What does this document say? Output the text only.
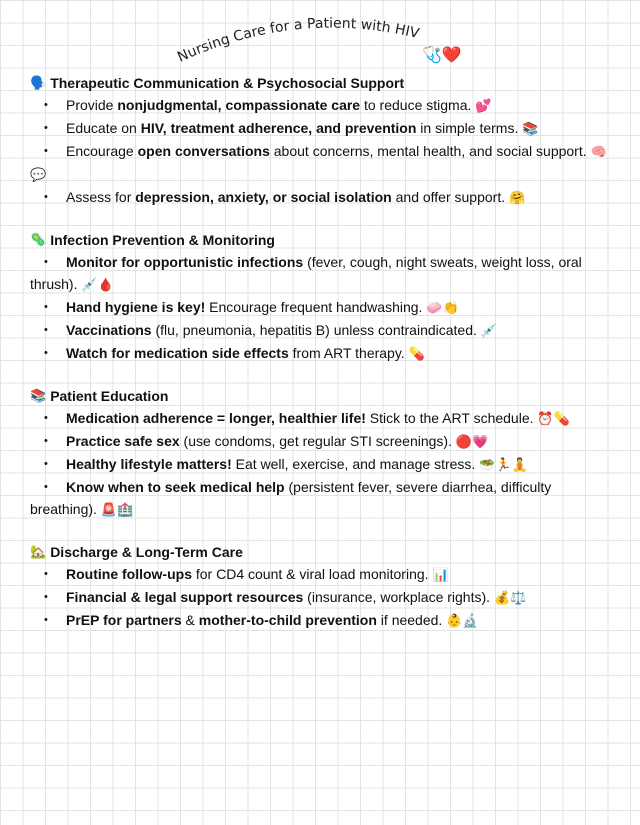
Nursing Care for a Patient with HIV
🩺❤️
🗣️ Therapeutic Communication & Psychosocial Support
• Provide nonjudgmental, compassionate care to reduce stigma. 💕
• Educate on HIV, treatment adherence, and prevention in simple terms. 📚
• Encourage open conversations about concerns, mental health, and social support. 🧠💬
• Assess for depression, anxiety, or social isolation and offer support. 🤗
🦠 Infection Prevention & Monitoring
• Monitor for opportunistic infections (fever, cough, night sweats, weight loss, oral thrush). 💉🩸
• Hand hygiene is key! Encourage frequent handwashing. 🧼👏
• Vaccinations (flu, pneumonia, hepatitis B) unless contraindicated. 💉
• Watch for medication side effects from ART therapy. 💊
📚 Patient Education
• Medication adherence = longer, healthier life! Stick to the ART schedule. ⏰💊
• Practice safe sex (use condoms, get regular STI screenings). 🔴💗
• Healthy lifestyle matters! Eat well, exercise, and manage stress. 🥗🏃🧘
• Know when to seek medical help (persistent fever, severe diarrhea, difficulty breathing). 🚨🏥
🏡 Discharge & Long-Term Care
• Routine follow-ups for CD4 count & viral load monitoring. 📊
• Financial & legal support resources (insurance, workplace rights). 💰⚖️
• PrEP for partners & mother-to-child prevention if needed. 👶🔬
